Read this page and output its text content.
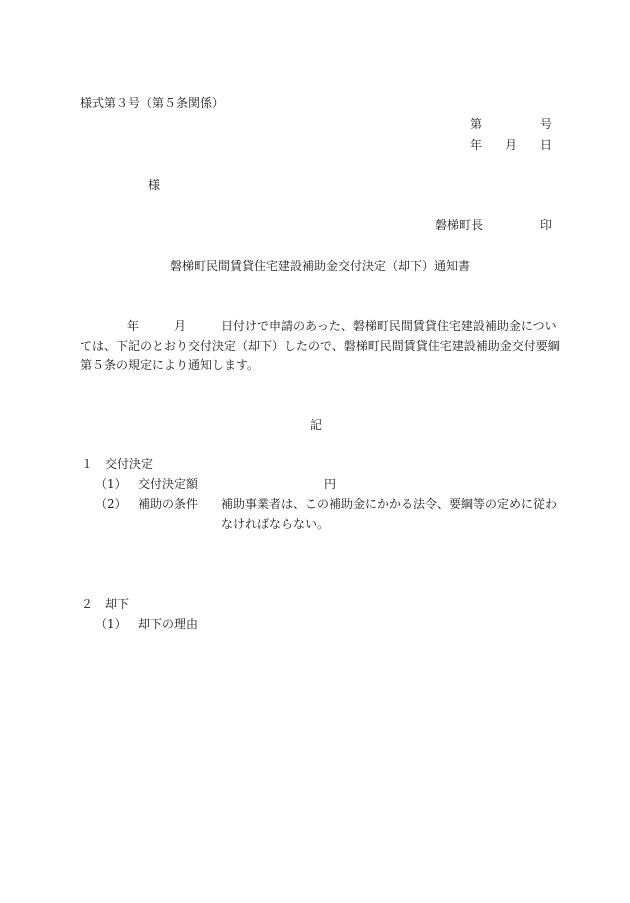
様式第３号（第５条関係）
第	号
年 月 日
様
磐梯町長	印
磐梯町民間賃貸住宅建設補助金交付決定（却下）通知書
年	月	日付けで申請のあった、磐梯町民間賃貸住宅建設補助金につい
ては、下記のとおり交付決定（却下）したので、磐梯町民間賃貸住宅建設補助金交付要綱
第５条の規定により通知します。
記
１ 交付決定
（1） 交付決定額	円
（2） 補助の条件 補助事業者は、この補助金にかかる法令、要綱等の定めに従わ
なければならない。
２ 却下
（1） 却下の理由
